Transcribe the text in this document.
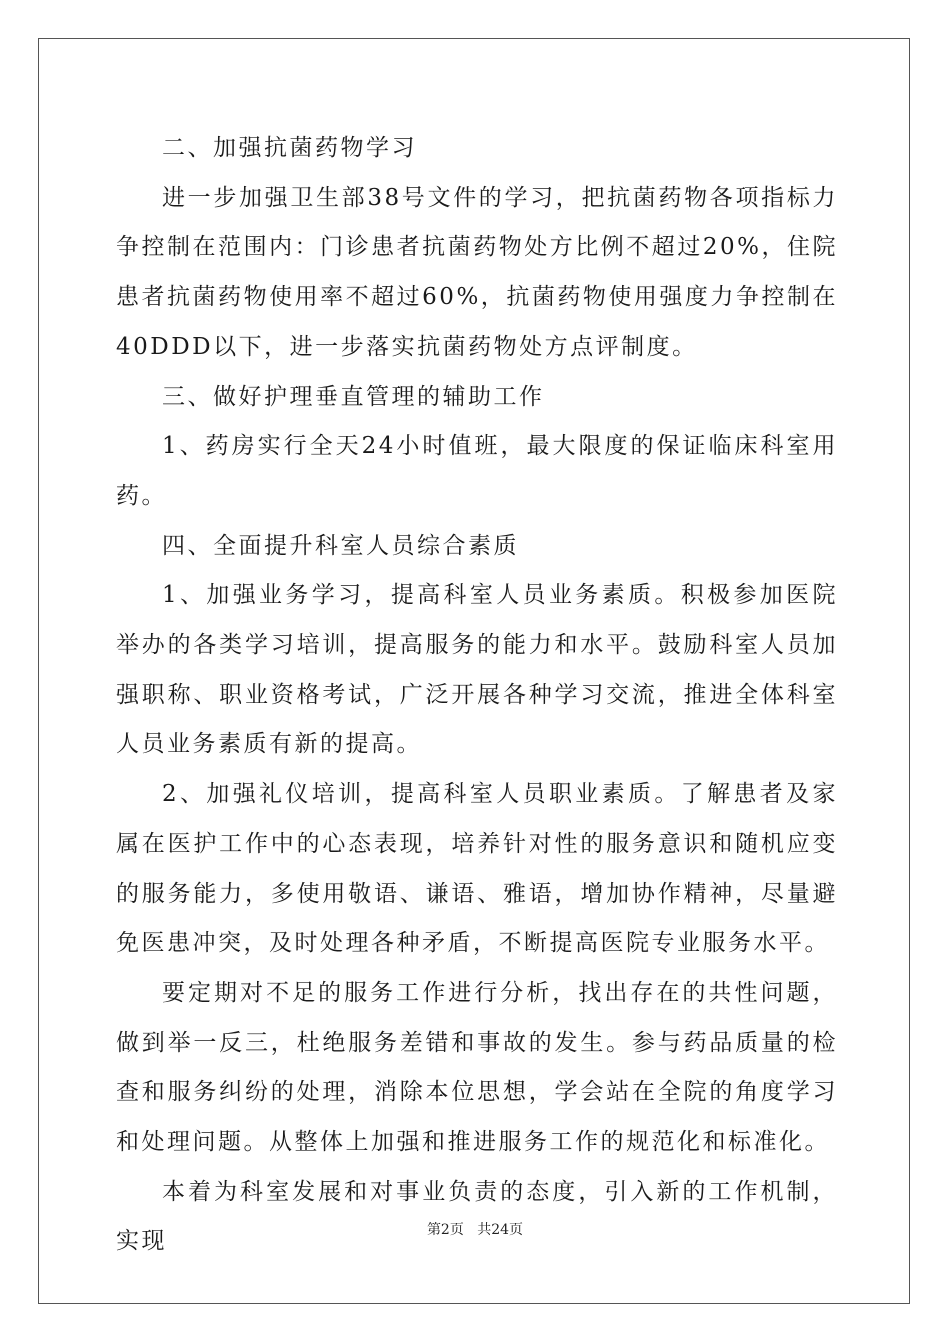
二、加强抗菌药物学习

进一步加强卫生部38号文件的学习，把抗菌药物各项指标力争控制在范围内：门诊患者抗菌药物处方比例不超过20%，住院患者抗菌药物使用率不超过60%，抗菌药物使用强度力争控制在40DDD以下，进一步落实抗菌药物处方点评制度。

三、做好护理垂直管理的辅助工作

1、药房实行全天24小时值班，最大限度的保证临床科室用药。

四、全面提升科室人员综合素质

1、加强业务学习，提高科室人员业务素质。积极参加医院举办的各类学习培训，提高服务的能力和水平。鼓励科室人员加强职称、职业资格考试，广泛开展各种学习交流，推进全体科室人员业务素质有新的提高。

2、加强礼仪培训，提高科室人员职业素质。了解患者及家属在医护工作中的心态表现，培养针对性的服务意识和随机应变的服务能力，多使用敬语、谦语、雅语，增加协作精神，尽量避免医患冲突，及时处理各种矛盾，不断提高医院专业服务水平。

要定期对不足的服务工作进行分析，找出存在的共性问题，做到举一反三，杜绝服务差错和事故的发生。参与药品质量的检查和服务纠纷的处理，消除本位思想，学会站在全院的角度学习和处理问题。从整体上加强和推进服务工作的规范化和标准化。

本着为科室发展和对事业负责的态度，引入新的工作机制，实现	第2页 共24页
